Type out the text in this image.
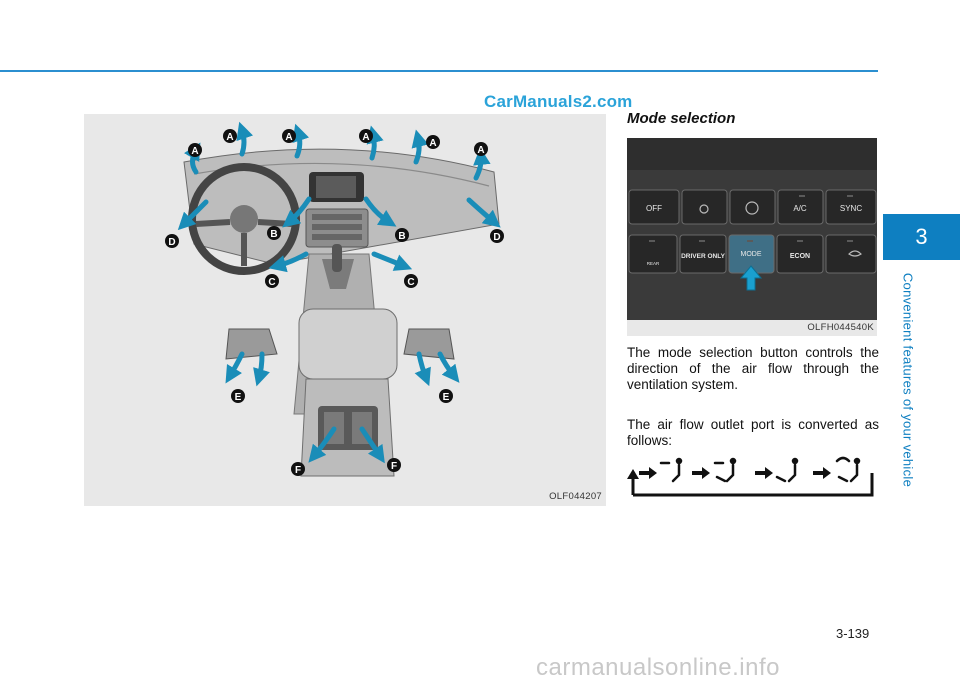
CarManuals2.com
A
A	A	A
A
A
B	B
C	C
D	D
E	E
F	F
OLF044207
Mode selection
OFF	A/C	SYNC
REAR
DRIVER ONLY MODE	ECON
OLFH044540K
The mode selection button controls the direction of the air flow through the ventilation system.
The air flow outlet port is converted as follows:
3
Convenient features of your vehicle
3-139
carmanualsonline.info
